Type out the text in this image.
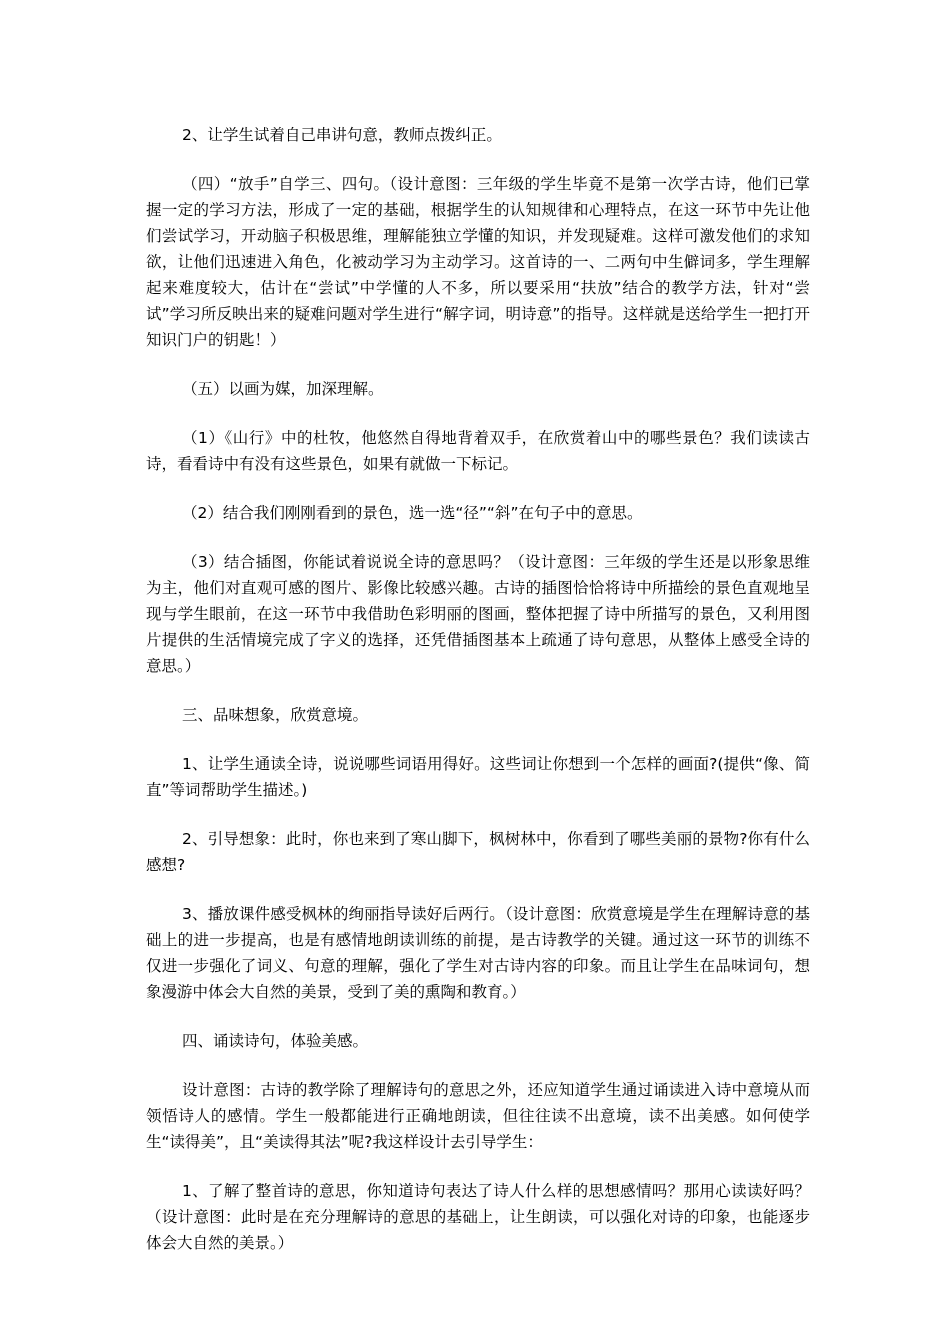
2、让学生试着自己串讲句意，教师点拨纠正。

（四）“放手”自学三、四句。（设计意图：三年级的学生毕竟不是第一次学古诗，他们已掌握一定的学习方法，形成了一定的基础，根据学生的认知规律和心理特点，在这一环节中先让他们尝试学习，开动脑子积极思维，理解能独立学懂的知识，并发现疑难。这样可激发他们的求知欲，让他们迅速进入角色，化被动学习为主动学习。这首诗的一、二两句中生僻词多，学生理解起来难度较大，估计在“尝试”中学懂的人不多，所以要采用“扶放”结合的教学方法，针对“尝试”学习所反映出来的疑难问题对学生进行“解字词，明诗意”的指导。这样就是送给学生一把打开知识门户的钥匙！）

（五）以画为媒，加深理解。

（1）《山行》中的杜牧，他悠然自得地背着双手，在欣赏着山中的哪些景色？我们读读古诗，看看诗中有没有这些景色，如果有就做一下标记。

（2）结合我们刚刚看到的景色，选一选“径”“斜”在句子中的意思。

（3）结合插图，你能试着说说全诗的意思吗？（设计意图：三年级的学生还是以形象思维为主，他们对直观可感的图片、影像比较感兴趣。古诗的插图恰恰将诗中所描绘的景色直观地呈现与学生眼前，在这一环节中我借助色彩明丽的图画，整体把握了诗中所描写的景色，又利用图片提供的生活情境完成了字义的选择，还凭借插图基本上疏通了诗句意思，从整体上感受全诗的意思。）

三、品味想象，欣赏意境。

1、让学生通读全诗，说说哪些词语用得好。这些词让你想到一个怎样的画面?(提供“像、简直”等词帮助学生描述。)

2、引导想象：此时，你也来到了寒山脚下，枫树林中，你看到了哪些美丽的景物?你有什么感想?

3、播放课件感受枫林的绚丽指导读好后两行。（设计意图：欣赏意境是学生在理解诗意的基础上的进一步提高，也是有感情地朗读训练的前提，是古诗教学的关键。通过这一环节的训练不仅进一步强化了词义、句意的理解，强化了学生对古诗内容的印象。而且让学生在品味词句，想象漫游中体会大自然的美景，受到了美的熏陶和教育。）

四、诵读诗句，体验美感。

设计意图：古诗的教学除了理解诗句的意思之外，还应知道学生通过诵读进入诗中意境从而领悟诗人的感情。学生一般都能进行正确地朗读，但往往读不出意境，读不出美感。如何使学生“读得美”，且“美读得其法”呢?我这样设计去引导学生：

1、了解了整首诗的意思，你知道诗句表达了诗人什么样的思想感情吗？那用心读读好吗？（设计意图：此时是在充分理解诗的意思的基础上，让生朗读，可以强化对诗的印象，也能逐步体会大自然的美景。）
